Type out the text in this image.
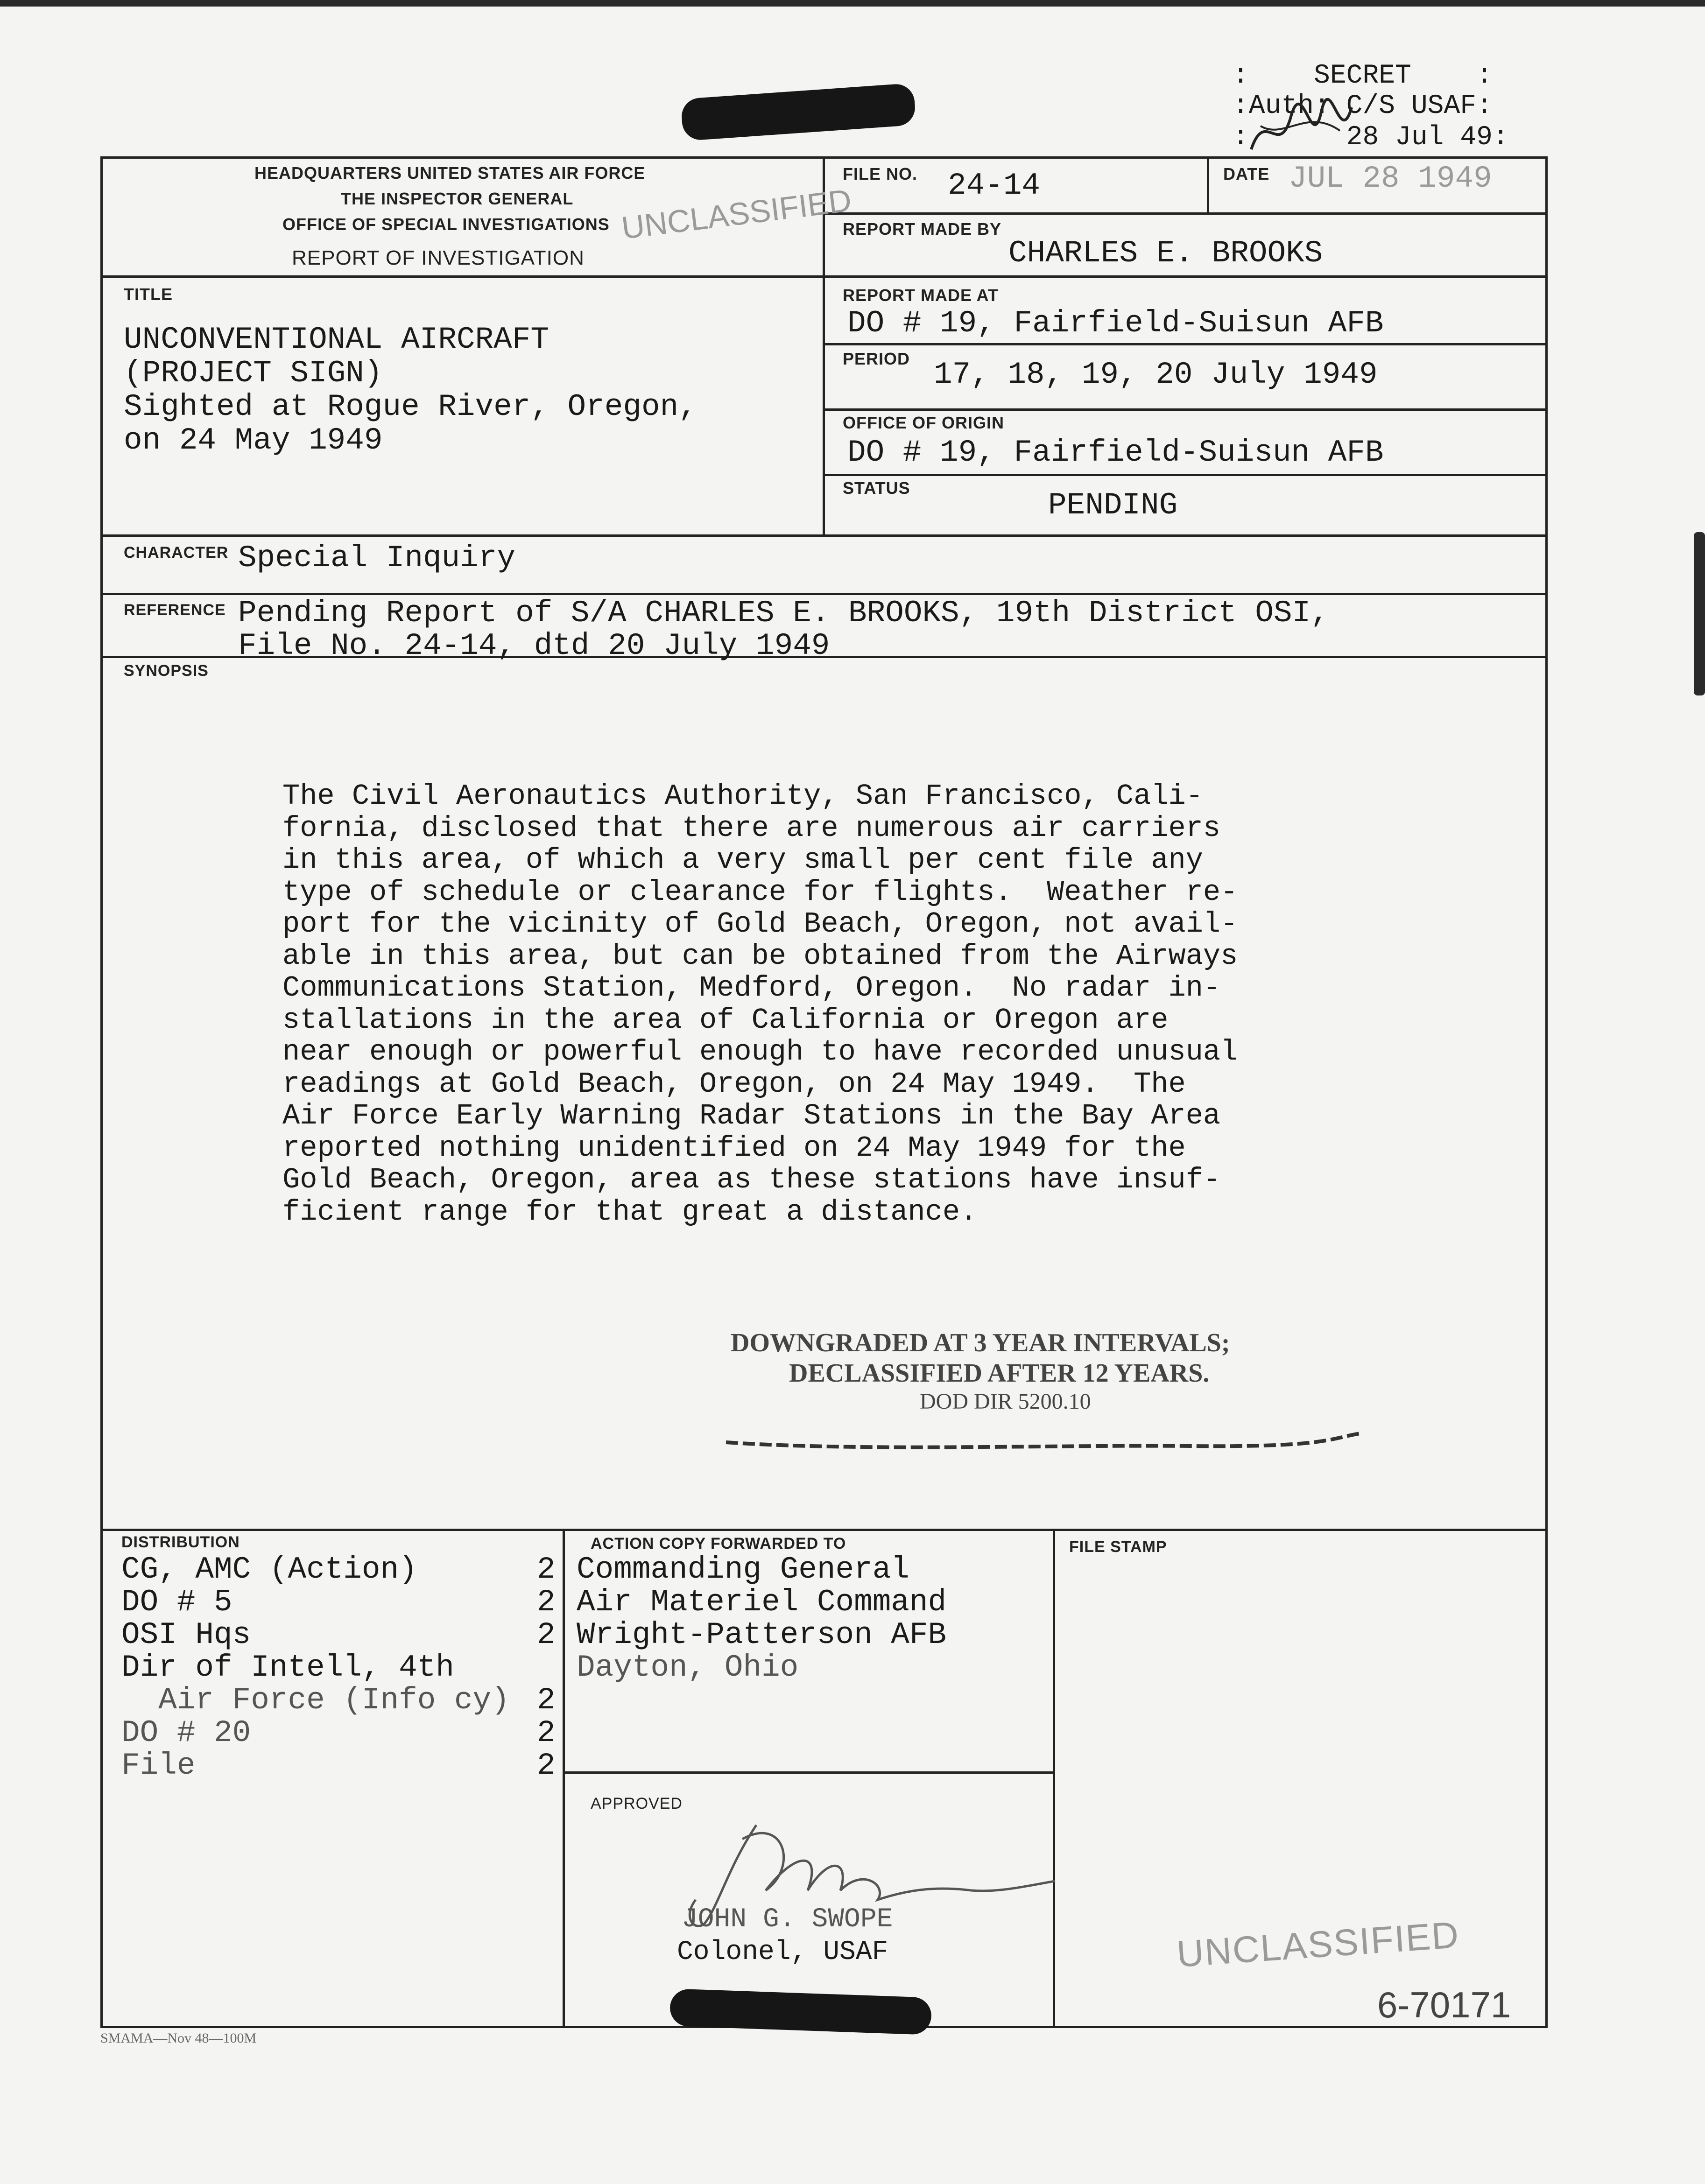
:    SECRET    :
:Auth: C/S USAF:
:      28 Jul 49:
HEADQUARTERS UNITED STATES AIR FORCE
THE INSPECTOR GENERAL
OFFICE OF SPECIAL INVESTIGATIONS
REPORT OF INVESTIGATION
UNCLASSIFIED
FILE NO. 24-14	DATE JUL 28 1949
REPORT MADE BY
CHARLES E. BROOKS
TITLE
UNCONVENTIONAL AIRCRAFT
(PROJECT SIGN)
Sighted at Rogue River, Oregon,
on 24 May 1949
REPORT MADE AT
DO # 19, Fairfield-Suisun AFB
PERIOD 17, 18, 19, 20 July 1949
OFFICE OF ORIGIN
DO # 19, Fairfield-Suisun AFB
STATUS	PENDING
CHARACTER Special Inquiry
REFERENCE Pending Report of S/A CHARLES E. BROOKS, 19th District OSI,
File No. 24-14, dtd 20 July 1949
SYNOPSIS
The Civil Aeronautics Authority, San Francisco, Cali-
fornia, disclosed that there are numerous air carriers
in this area, of which a very small per cent file any
type of schedule or clearance for flights.  Weather re-
port for the vicinity of Gold Beach, Oregon, not avail-
able in this area, but can be obtained from the Airways
Communications Station, Medford, Oregon.  No radar in-
stallations in the area of California or Oregon are
near enough or powerful enough to have recorded unusual
readings at Gold Beach, Oregon, on 24 May 1949.  The
Air Force Early Warning Radar Stations in the Bay Area
reported nothing unidentified on 24 May 1949 for the
Gold Beach, Oregon, area as these stations have insuf-
ficient range for that great a distance.
DOWNGRADED AT 3 YEAR INTERVALS;
DECLASSIFIED AFTER 12 YEARS.
DOD DIR 5200.10
DISTRIBUTION
CG, AMC (Action)	2
DO # 5	2
OSI Hqs	2
Dir of Intell, 4th
Air Force (Info cy) 2
DO # 20	2
File	2
ACTION COPY FORWARDED TO
Commanding General
Air Materiel Command
Wright-Patterson AFB
Dayton, Ohio
FILE STAMP
UNCLASSIFIED
APPROVED
JOHN G. SWOPE
Colonel, USAF
SMAMA—Nov 48—100M
6-70171
